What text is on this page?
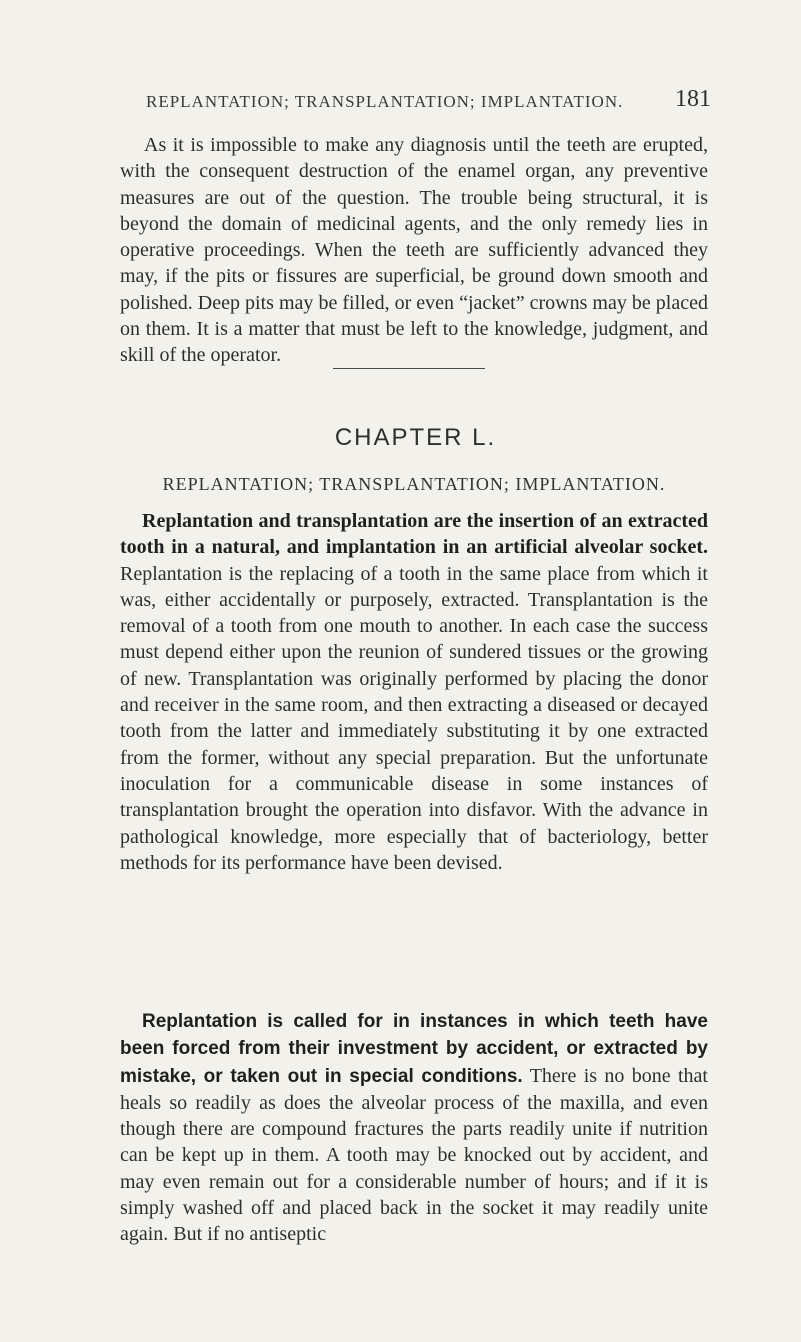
REPLANTATION; TRANSPLANTATION; IMPLANTATION.	181

As it is impossible to make any diagnosis until the teeth are erupted, with the consequent destruction of the enamel organ, any preventive measures are out of the question. The trouble being structural, it is beyond the domain of medicinal agents, and the only remedy lies in operative proceedings. When the teeth are sufficiently advanced they may, if the pits or fissures are superficial, be ground down smooth and polished. Deep pits may be filled, or even “jacket” crowns may be placed on them. It is a matter that must be left to the knowledge, judgment, and skill of the operator.

CHAPTER L.
REPLANTATION; TRANSPLANTATION; IMPLANTATION.

Replantation and transplantation are the insertion of an extracted tooth in a natural, and implantation in an artificial alveolar socket. Replantation is the replacing of a tooth in the same place from which it was, either accidentally or purposely, extracted. Transplantation is the removal of a tooth from one mouth to another. In each case the success must depend either upon the reunion of sundered tissues or the growing of new. Transplantation was originally performed by placing the donor and receiver in the same room, and then extracting a diseased or decayed tooth from the latter and immediately substituting it by one extracted from the former, without any special preparation. But the unfortunate inoculation for a communicable disease in some instances of transplantation brought the operation into disfavor. With the advance in pathological knowledge, more especially that of bacteriology, better methods for its performance have been devised.

Replantation is called for in instances in which teeth have been forced from their investment by accident, or extracted by mistake, or taken out in special conditions. There is no bone that heals so readily as does the alveolar process of the maxilla, and even though there are compound fractures the parts readily unite if nutrition can be kept up in them. A tooth may be knocked out by accident, and may even remain out for a considerable number of hours; and if it is simply washed off and placed back in the socket it may readily unite again. But if no antiseptic
